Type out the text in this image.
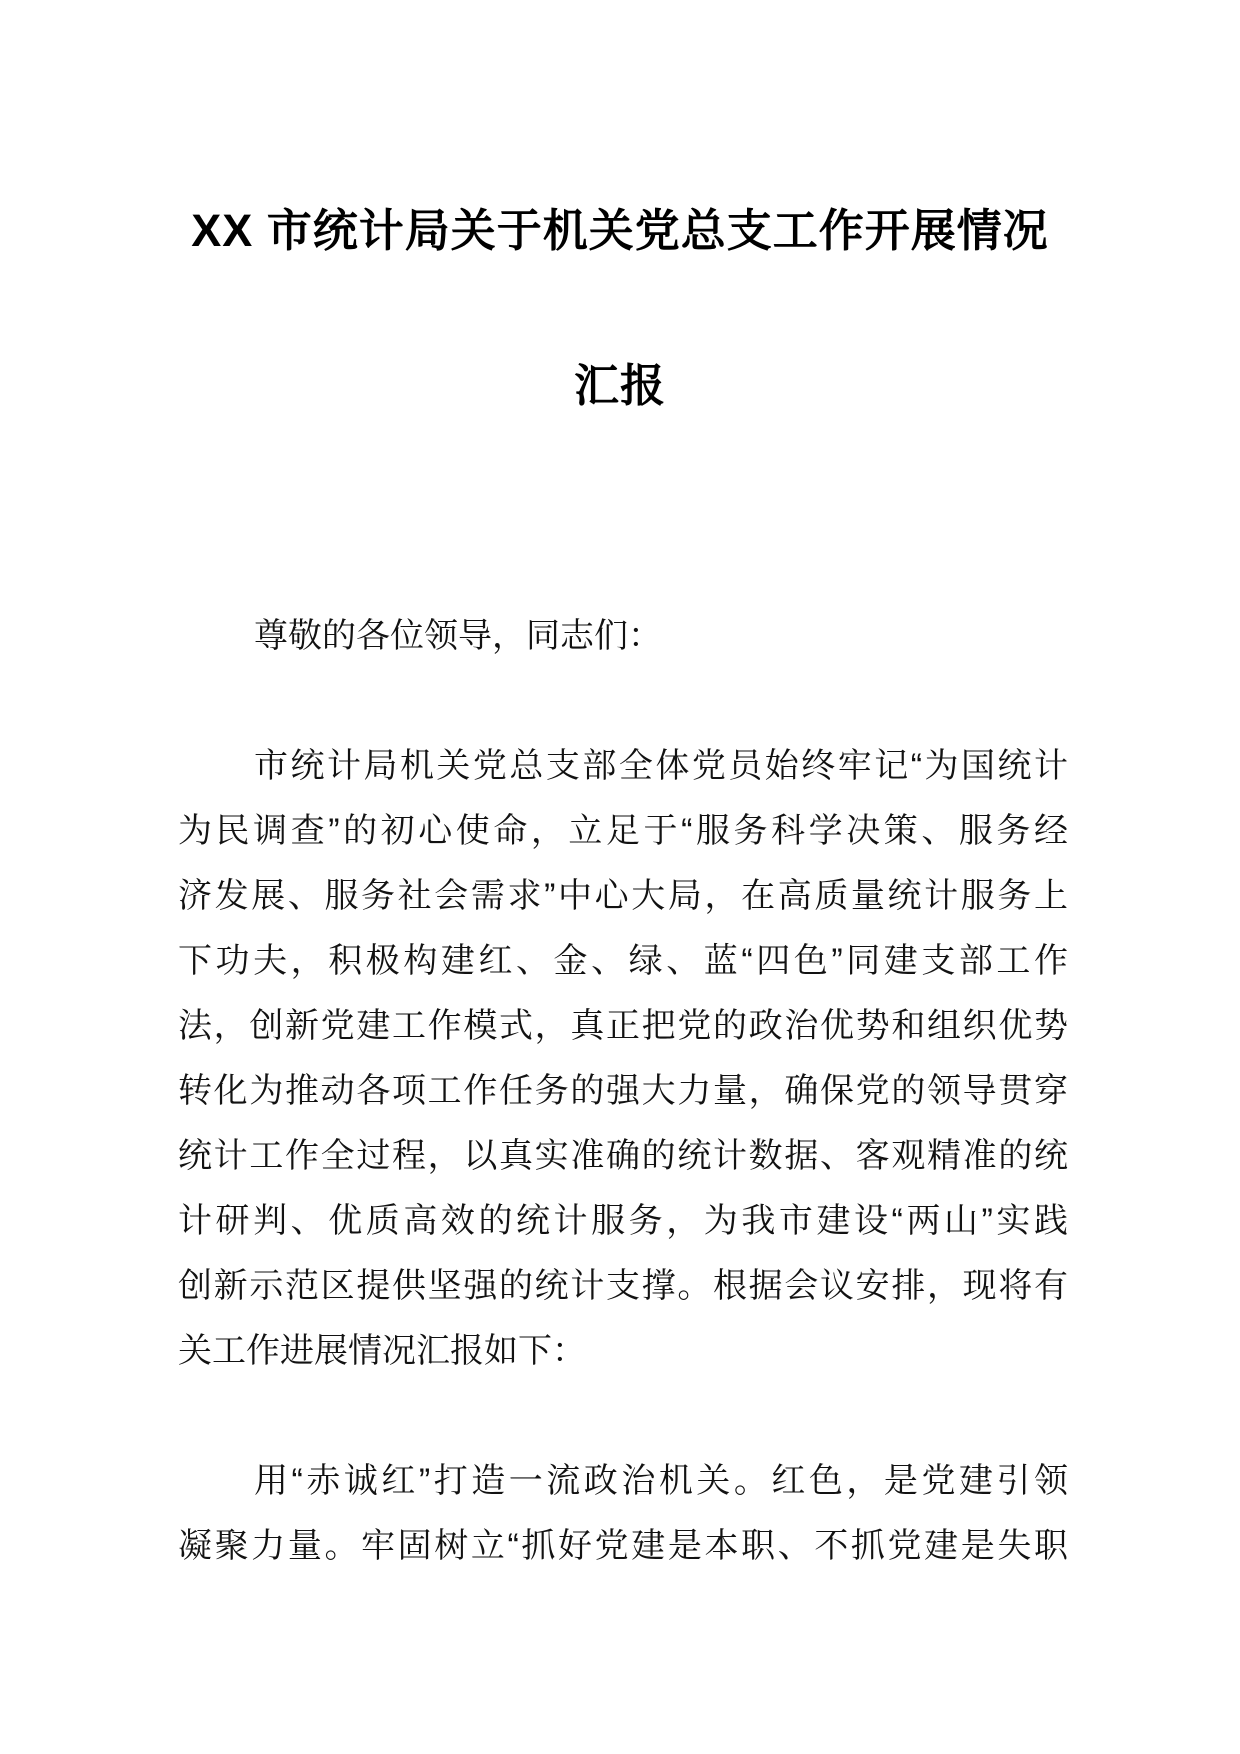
XX 市统计局关于机关党总支工作开展情况
汇报
尊敬的各位领导，同志们：
市统计局机关党总支部全体党员始终牢记“为国统计
为民调查”的初心使命，立足于“服务科学决策、服务经
济发展、服务社会需求”中心大局，在高质量统计服务上
下功夫，积极构建红、金、绿、蓝“四色”同建支部工作
法，创新党建工作模式，真正把党的政治优势和组织优势
转化为推动各项工作任务的强大力量，确保党的领导贯穿
统计工作全过程，以真实准确的统计数据、客观精准的统
计研判、优质高效的统计服务，为我市建设“两山”实践
创新示范区提供坚强的统计支撑。根据会议安排，现将有
关工作进展情况汇报如下：
用“赤诚红”打造一流政治机关。红色，是党建引领
凝聚力量。牢固树立“抓好党建是本职、不抓党建是失职
